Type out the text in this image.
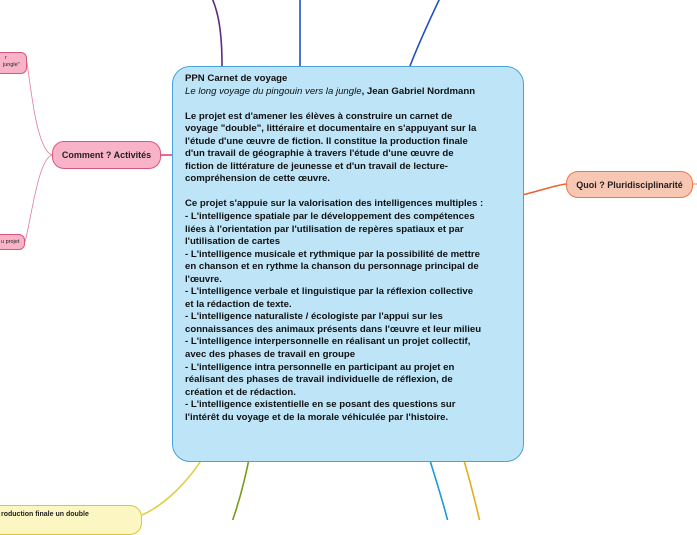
PPN Carnet de voyage

Le long voyage du pingouin vers la jungle, Jean Gabriel Nordmann

Le projet est d'amener les élèves à construire un carnet de

voyage "double", littéraire et documentaire en s'appuyant sur la

l'étude d'une œuvre de fiction. Il constitue la production finale

d'un travail de géographie à travers l'étude d'une œuvre de

fiction de littérature de jeunesse et d'un travail de lecture-

compréhension de cette œuvre.

Ce projet s'appuie sur la valorisation des intelligences multiples :

- L'intelligence spatiale par le développement des compétences

liées à l'orientation par l'utilisation de repères spatiaux et par

l'utilisation de cartes

- L'intelligence musicale et rythmique par la possibilité de mettre

en chanson et en rythme la chanson du personnage principal de

l'œuvre.

- L'intelligence verbale et linguistique par la réflexion collective

et la rédaction de texte.

- L'intelligence naturaliste / écologiste par l'appui sur les

connaissances des animaux présents dans l'œuvre et leur milieu

- L'intelligence interpersonnelle en réalisant un projet collectif,

avec des phases de travail en groupe

- L'intelligence intra personnelle en participant au projet en

réalisant des phases de travail individuelle de réflexion, de

création et de rédaction.

- L'intelligence existentielle en se posant des questions sur

l'intérêt du voyage et de la morale véhiculée par l'histoire.

Comment ? Activités
Quoi ? Pluridisciplinarité
r
jungle"
u projet
roduction finale un double
